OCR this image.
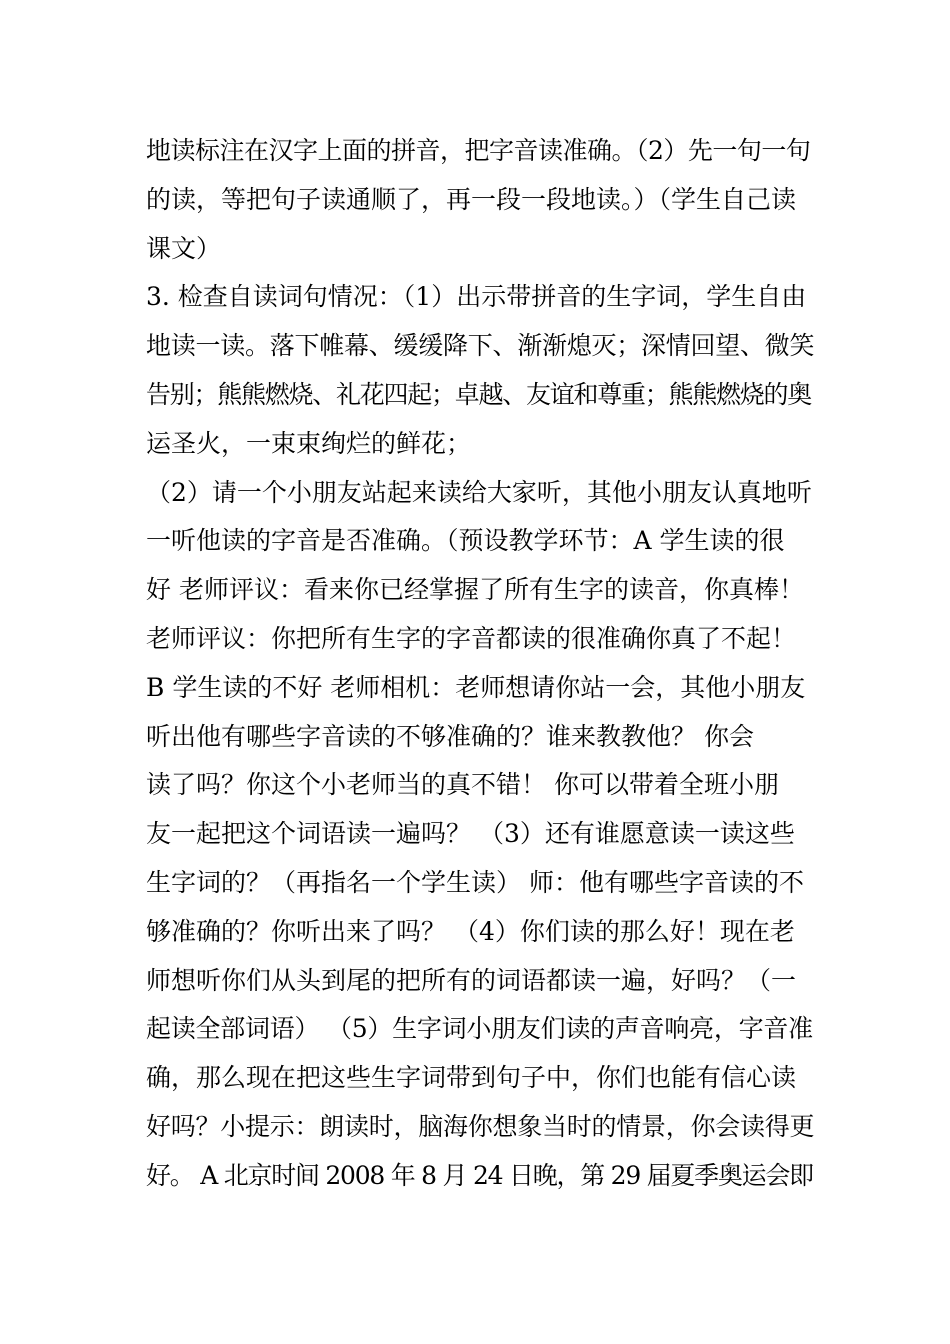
地读标注在汉字上面的拼音，把字音读准确。（2）先一句一句
的读，等把句子读通顺了，再一段一段地读。）（学生自己读
课文）
3. 检查自读词句情况：（1）出示带拼音的生字词，学生自由
地读一读。落下帷幕、缓缓降下、渐渐熄灭；深情回望、微笑
告别；熊熊燃烧、礼花四起；卓越、友谊和尊重；熊熊燃烧的奥
运圣火，一束束绚烂的鲜花；
（2）请一个小朋友站起来读给大家听，其他小朋友认真地听
一听他读的字音是否准确。（预设教学环节：A 学生读的很
好 老师评议：看来你已经掌握了所有生字的读音，你真棒！
老师评议：你把所有生字的字音都读的很准确你真了不起！
B 学生读的不好 老师相机：老师想请你站一会，其他小朋友
听出他有哪些字音读的不够准确的？谁来教教他？ 你会
读了吗？你这个小老师当的真不错！ 你可以带着全班小朋
友一起把这个词语读一遍吗？ （3）还有谁愿意读一读这些
生字词的？（再指名一个学生读） 师：他有哪些字音读的不
够准确的？你听出来了吗？ （4）你们读的那么好！现在老
师想听你们从头到尾的把所有的词语都读一遍，好吗？（一
起读全部词语） （5）生字词小朋友们读的声音响亮，字音准
确，那么现在把这些生字词带到句子中，你们也能有信心读
好吗？小提示：朗读时，脑海你想象当时的情景，你会读得更
好。 A 北京时间 2008 年 8 月 24 日晚，第 29 届夏季奥运会即
